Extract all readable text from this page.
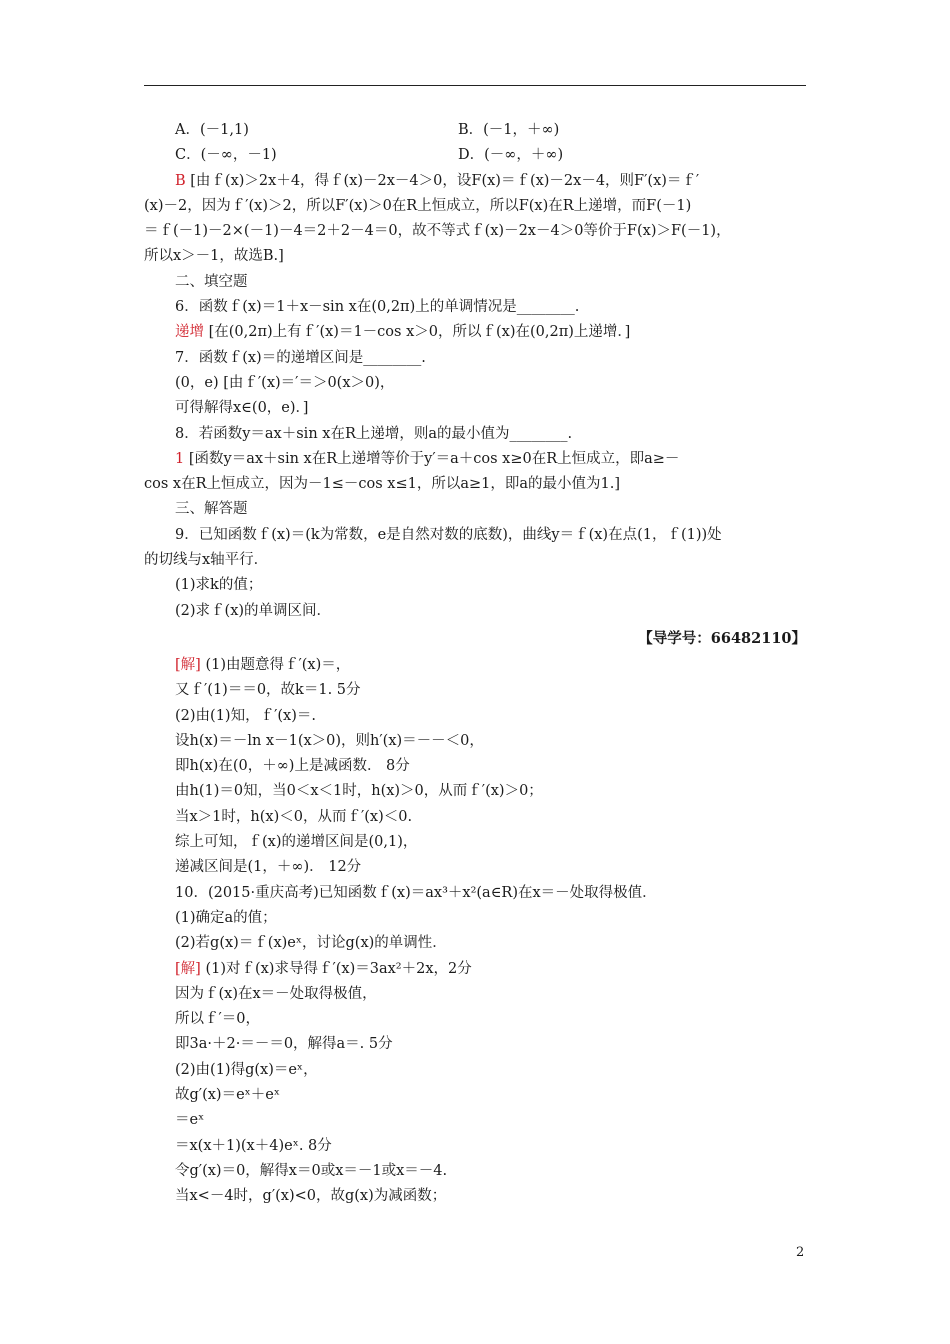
A．(－1,1)	B．(－1，＋∞)
C．(－∞，－1)	D．(－∞，＋∞)
B [由ｆ(x)＞2x＋4，得ｆ(x)－2x－4＞0，设F(x)＝ｆ(x)－2x－4，则F′(x)＝ｆ′
(x)－2，因为ｆ′(x)＞2，所以F′(x)＞0在R上恒成立，所以F(x)在R上递增，而F(－1)
＝ｆ(－1)－2×(－1)－4＝2＋2－4＝0，故不等式ｆ(x)－2x－4＞0等价于F(x)＞F(－1)，
所以x＞－1，故选B.]
二、填空题
6．函数ｆ(x)＝1＋x－sin x在(0,2π)上的单调情况是________.
递增 [在(0,2π)上有ｆ′(x)＝1－cos x＞0，所以ｆ(x)在(0,2π)上递增．]
7．函数ｆ(x)＝的递增区间是________.
(0，e) [由ｆ′(x)＝′＝＞0(x＞0)，
可得解得x∈(0，e)．]
8．若函数y＝ax＋sin x在R上递增，则a的最小值为________.
1 [函数y＝ax＋sin x在R上递增等价于y′＝a＋cos x≥0在R上恒成立，即a≥－
cos x在R上恒成立，因为－1≤－cos x≤1，所以a≥1，即a的最小值为1.]
三、解答题
9．已知函数ｆ(x)＝(k为常数，e是自然对数的底数)，曲线y＝ｆ(x)在点(1，ｆ(1))处
的切线与x轴平行．
(1)求k的值；
(2)求ｆ(x)的单调区间．
【导学号：66482110】
[解] (1)由题意得ｆ′(x)＝，
又ｆ′(1)＝＝0，故k＝1. 5分
(2)由(1)知，ｆ′(x)＝.
设h(x)＝－ln x－1(x＞0)，则h′(x)＝－－＜0，
即h(x)在(0，＋∞)上是减函数． 8分
由h(1)＝0知，当0＜x＜1时，h(x)＞0，从而ｆ′(x)＞0；
当x＞1时，h(x)＜0，从而ｆ′(x)＜0.
综上可知，ｆ(x)的递增区间是(0,1)，
递减区间是(1，＋∞)． 12分
10．(2015·重庆高考)已知函数ｆ(x)＝ax³＋x²(a∈R)在x＝－处取得极值．
(1)确定a的值；
(2)若g(x)＝ｆ(x)eˣ，讨论g(x)的单调性．
[解] (1)对ｆ(x)求导得ｆ′(x)＝3ax²＋2x，2分
因为ｆ(x)在x＝－处取得极值，
所以ｆ′＝0，
即3a·＋2·＝－＝0，解得a＝. 5分
(2)由(1)得g(x)＝eˣ，
故g′(x)＝eˣ＋eˣ
＝eˣ
＝x(x＋1)(x＋4)eˣ. 8分
令g′(x)＝0，解得x＝0或x＝－1或x＝－4.
当x<－4时，g′(x)<0，故g(x)为减函数；
2
